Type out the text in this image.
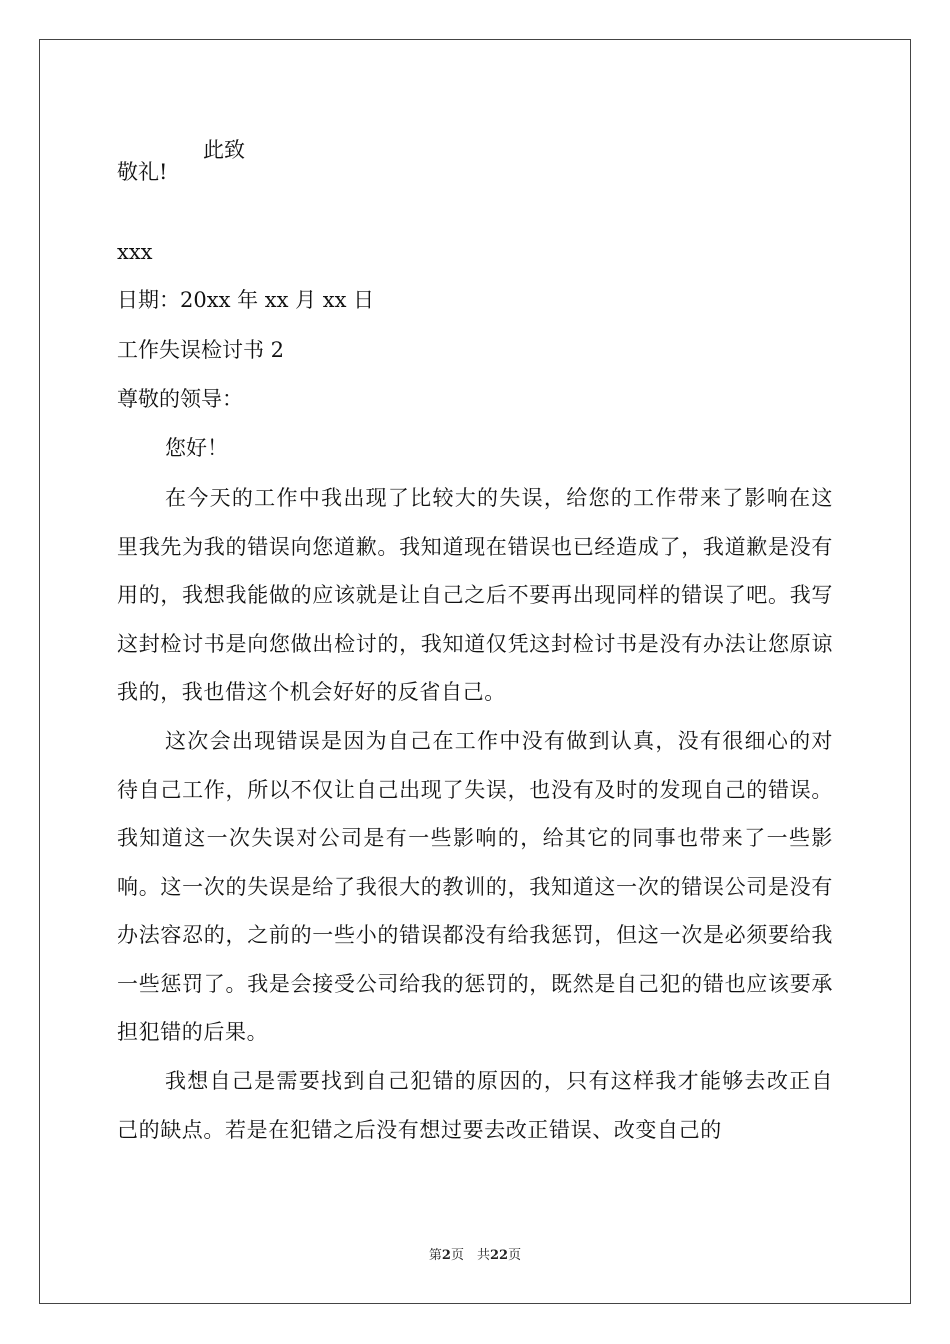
此致
敬礼!
xxx
日期：20xx 年 xx 月 xx 日
工作失误检讨书 2
尊敬的领导：
您好！
在今天的工作中我出现了比较大的失误，给您的工作带来了影响在这里我先为我的错误向您道歉。我知道现在错误也已经造成了，我道歉是没有用的，我想我能做的应该就是让自己之后不要再出现同样的错误了吧。我写这封检讨书是向您做出检讨的，我知道仅凭这封检讨书是没有办法让您原谅我的，我也借这个机会好好的反省自己。
这次会出现错误是因为自己在工作中没有做到认真，没有很细心的对待自己工作，所以不仅让自己出现了失误，也没有及时的发现自己的错误。我知道这一次失误对公司是有一些影响的，给其它的同事也带来了一些影响。这一次的失误是给了我很大的教训的，我知道这一次的错误公司是没有办法容忍的，之前的一些小的错误都没有给我惩罚，但这一次是必须要给我一些惩罚了。我是会接受公司给我的惩罚的，既然是自己犯的错也应该要承担犯错的后果。
我想自己是需要找到自己犯错的原因的，只有这样我才能够去改正自己的缺点。若是在犯错之后没有想过要去改正错误、改变自己的
第2页　共22页
